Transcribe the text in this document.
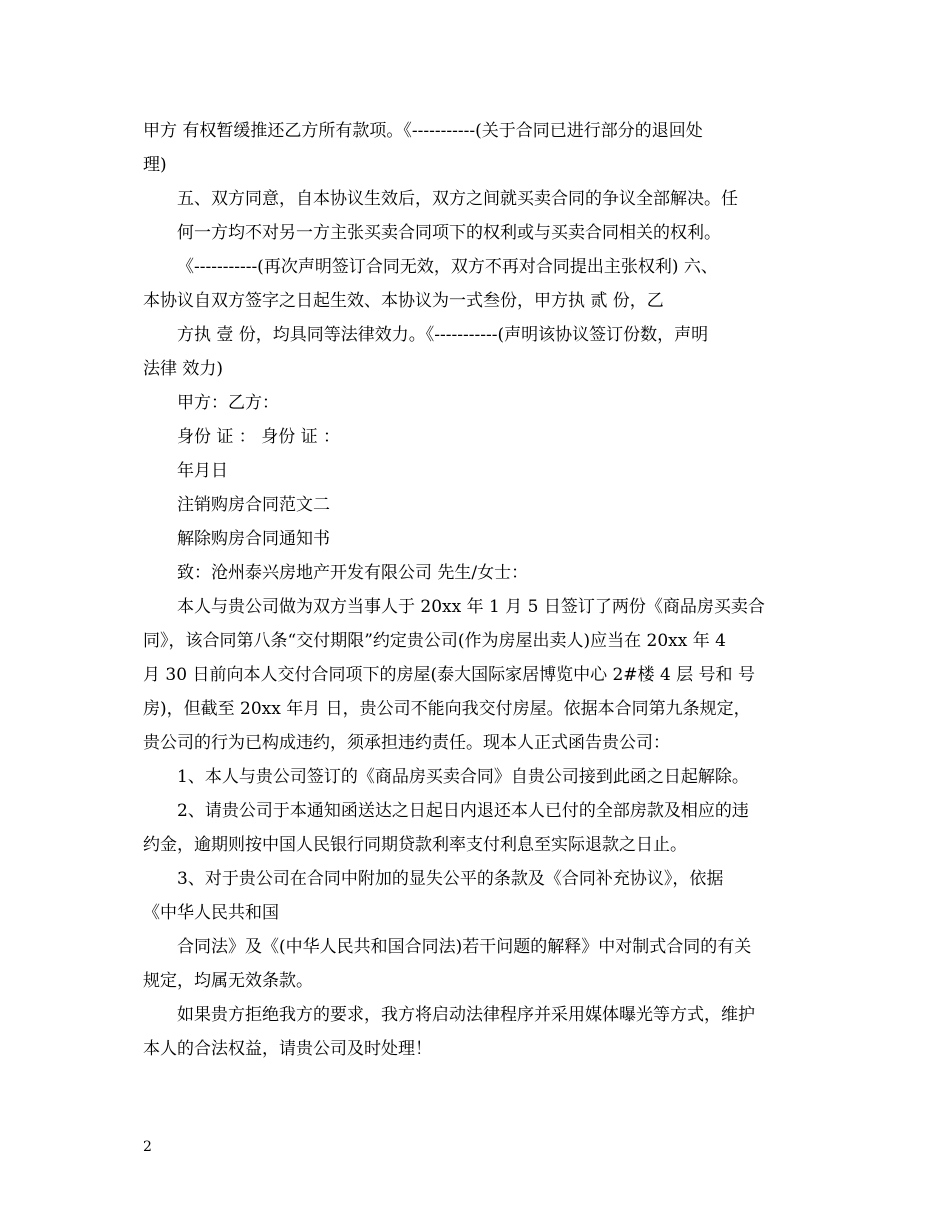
甲方 有权暂缓推还乙方所有款项。《-----------(关于合同已进行部分的退回处
理)
五、双方同意，自本协议生效后，双方之间就买卖合同的争议全部解决。任
何一方均不对另一方主张买卖合同项下的权利或与买卖合同相关的权利。
《-----------(再次声明签订合同无效，双方不再对合同提出主张权利) 六、
本协议自双方签字之日起生效、本协议为一式叁份，甲方执 贰 份，乙
方执 壹 份，均具同等法律效力。《-----------(声明该协议签订份数，声明
法律 效力)
甲方：乙方：
身份 证 ： 身份 证 ：
年月日
注销购房合同范文二
解除购房合同通知书
致：沧州泰兴房地产开发有限公司 先生/女士：
本人与贵公司做为双方当事人于 20xx 年 1 月 5 日签订了两份《商品房买卖合
同》，该合同第八条“交付期限”约定贵公司(作为房屋出卖人)应当在 20xx 年 4
月 30 日前向本人交付合同项下的房屋(泰大国际家居博览中心 2#楼 4 层 号和 号
房)，但截至 20xx 年月 日，贵公司不能向我交付房屋。依据本合同第九条规定，
贵公司的行为已构成违约，须承担违约责任。现本人正式函告贵公司：
1、本人与贵公司签订的《商品房买卖合同》自贵公司接到此函之日起解除。
2、请贵公司于本通知函送达之日起日内退还本人已付的全部房款及相应的违
约金，逾期则按中国人民银行同期贷款利率支付利息至实际退款之日止。
3、对于贵公司在合同中附加的显失公平的条款及《合同补充协议》，依据
《中华人民共和国
合同法》及《(中华人民共和国合同法)若干问题的解释》中对制式合同的有关
规定，均属无效条款。
如果贵方拒绝我方的要求，我方将启动法律程序并采用媒体曝光等方式，维护
本人的合法权益，请贵公司及时处理！
2
